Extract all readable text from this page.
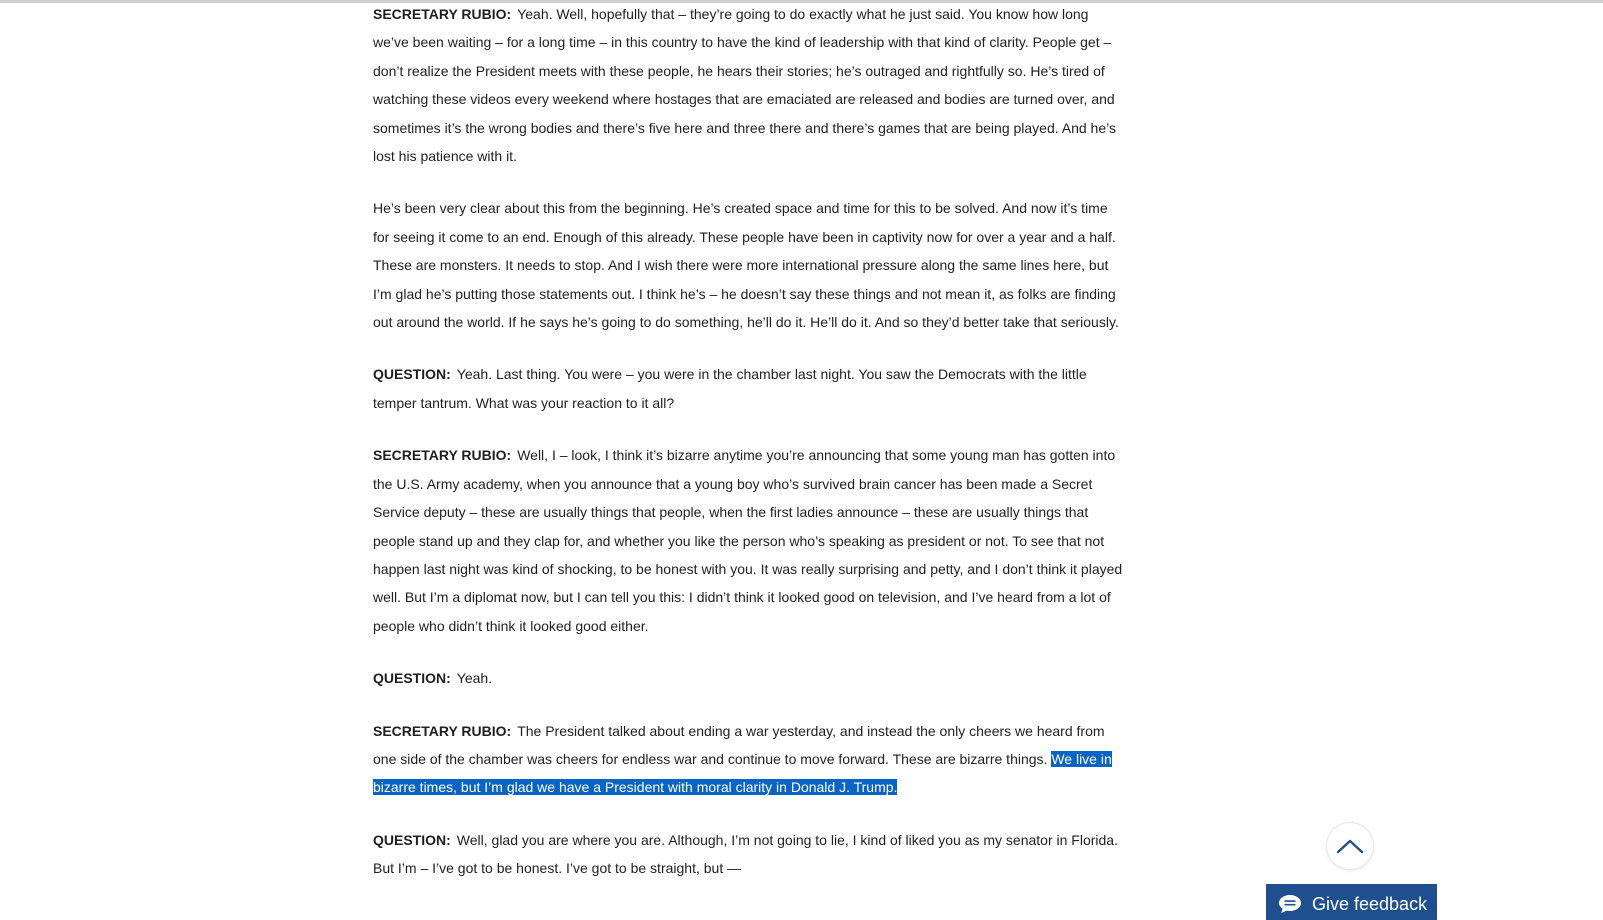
SECRETARY RUBIO: Yeah. Well, hopefully that – they’re going to do exactly what he just said. You know how long we’ve been waiting – for a long time – in this country to have the kind of leadership with that kind of clarity. People get – don’t realize the President meets with these people, he hears their stories; he’s outraged and rightfully so. He’s tired of watching these videos every weekend where hostages that are emaciated are released and bodies are turned over, and sometimes it’s the wrong bodies and there’s five here and three there and there’s games that are being played. And he’s lost his patience with it.

He’s been very clear about this from the beginning. He’s created space and time for this to be solved. And now it’s time for seeing it come to an end. Enough of this already. These people have been in captivity now for over a year and a half. These are monsters. It needs to stop. And I wish there were more international pressure along the same lines here, but I’m glad he’s putting those statements out. I think he’s – he doesn’t say these things and not mean it, as folks are finding out around the world. If he says he’s going to do something, he’ll do it. He’ll do it. And so they’d better take that seriously.

QUESTION: Yeah. Last thing. You were – you were in the chamber last night. You saw the Democrats with the little temper tantrum. What was your reaction to it all?

SECRETARY RUBIO: Well, I – look, I think it’s bizarre anytime you’re announcing that some young man has gotten into the U.S. Army academy, when you announce that a young boy who’s survived brain cancer has been made a Secret Service deputy – these are usually things that people, when the first ladies announce – these are usually things that people stand up and they clap for, and whether you like the person who’s speaking as president or not. To see that not happen last night was kind of shocking, to be honest with you. It was really surprising and petty, and I don’t think it played well. But I’m a diplomat now, but I can tell you this: I didn’t think it looked good on television, and I’ve heard from a lot of people who didn’t think it looked good either.

QUESTION: Yeah.

SECRETARY RUBIO: The President talked about ending a war yesterday, and instead the only cheers we heard from one side of the chamber was cheers for endless war and continue to move forward. These are bizarre things. We live in bizarre times, but I’m glad we have a President with moral clarity in Donald J. Trump.

QUESTION: Well, glad you are where you are. Although, I’m not going to lie, I kind of liked you as my senator in Florida. But I’m – I’ve got to be honest. I’ve got to be straight, but —

Give feedback
